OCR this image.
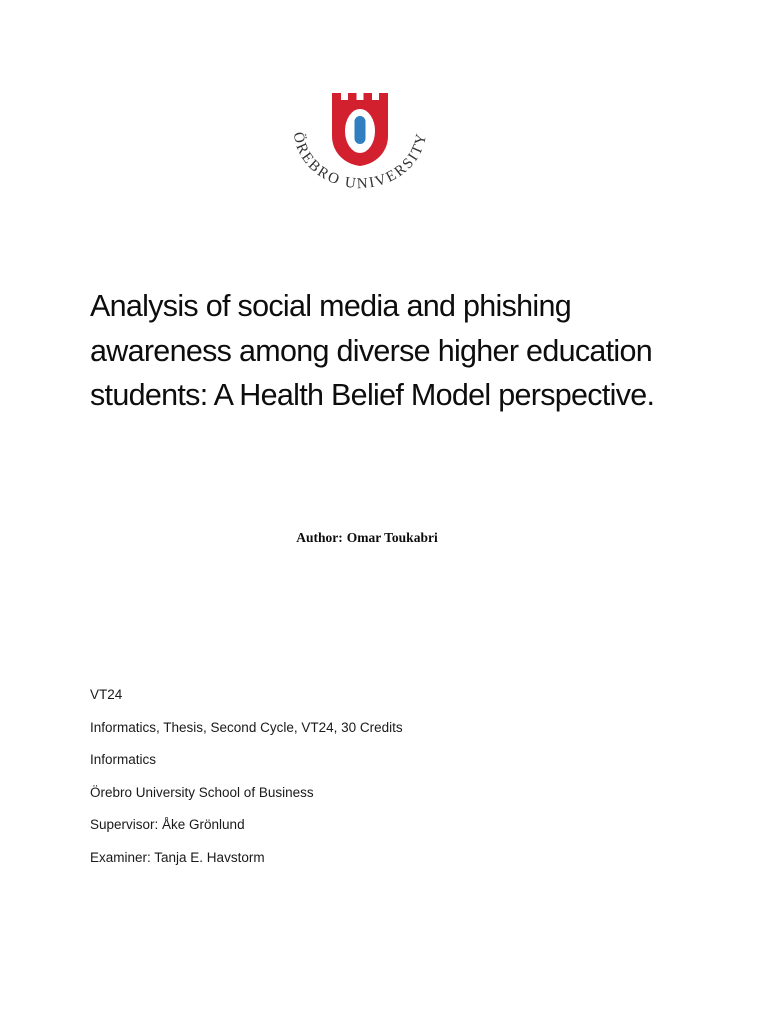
ÖREBRO UNIVERSITY
Analysis of social media and phishing awareness among diverse higher education students: A Health Belief Model perspective.
Author: Omar Toukabri
VT24
Informatics, Thesis, Second Cycle, VT24, 30 Credits
Informatics
Örebro University School of Business
Supervisor: Åke Grönlund
Examiner: Tanja E. Havstorm
